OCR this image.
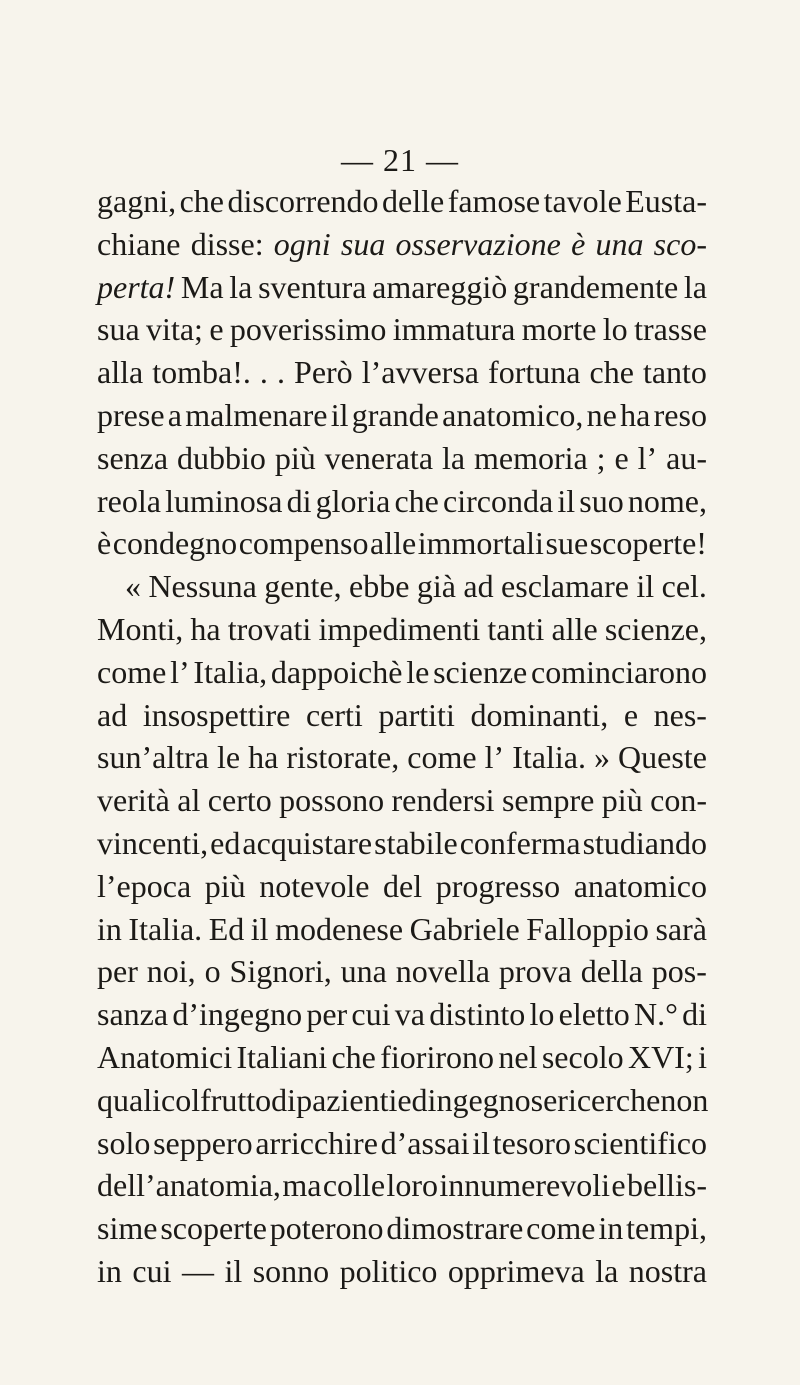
— 21 —
gagni, che discorrendo delle famose tavole Eusta-
chiane disse: ogni sua osservazione è una sco-
perta! Ma la sventura amareggiò grandemente la
sua vita; e poverissimo immatura morte lo trasse
alla tomba!. . . Però l’avversa fortuna che tanto
prese a malmenare il grande anatomico, ne ha reso
senza dubbio più venerata la memoria ; e l’ au-
reola luminosa di gloria che circonda il suo nome,
è condegno compenso alle immortali sue scoperte!
« Nessuna gente, ebbe già ad esclamare il cel.
Monti, ha trovati impedimenti tanti alle scienze,
come l’ Italia, dappoichè le scienze cominciarono
ad insospettire certi partiti dominanti, e nes-
sun’altra le ha ristorate, come l’ Italia. » Queste
verità al certo possono rendersi sempre più con-
vincenti, ed acquistare stabile conferma studiando
l’epoca più notevole del progresso anatomico
in Italia. Ed il modenese Gabriele Falloppio sarà
per noi, o Signori, una novella prova della pos-
sanza d’ingegno per cui va distinto lo eletto N.° di
Anatomici Italiani che fiorirono nel secolo XVI; i
quali col frutto di pazienti ed ingegnose ricerche non
solo seppero arricchire d’assai il tesoro scientifico
dell’anatomia, ma colle loro innumerevoli e bellis-
sime scoperte poterono dimostrare come in tempi,
in cui — il sonno politico opprimeva la nostra
